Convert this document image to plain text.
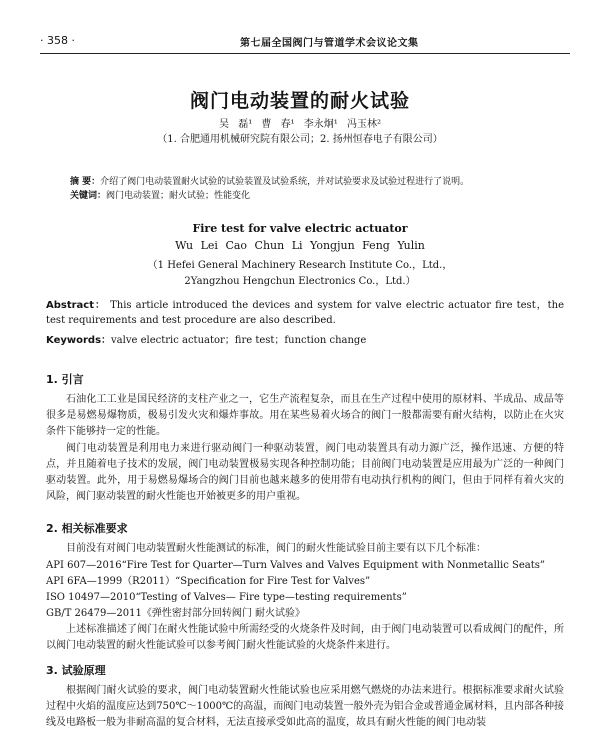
· 358 ·	第七届全国阀门与管道学术会议论文集
阀门电动装置的耐火试验
吴 磊¹ 曹 春¹ 李永炯¹ 冯玉林²
（1. 合肥通用机械研究院有限公司；2. 扬州恒春电子有限公司）
摘 要：介绍了阀门电动装置耐火试验的试验装置及试验系统，并对试验要求及试验过程进行了说明。
关键词：阀门电动装置；耐火试验；性能变化
Fire test for valve electric actuator
Wu Lei Cao Chun Li Yongjun Feng Yulin
（1 Hefei General Machinery Research Institute Co.，Ltd.，
2Yangzhou Hengchun Electronics Co.，Ltd.）
Abstract： This article introduced the devices and system for valve electric actuator fire test，the test requirements and test procedure are also described.
Keywords：valve electric actuator；fire test；function change
1. 引言
石油化工工业是国民经济的支柱产业之一，它生产流程复杂，而且在生产过程中使用的原材料、半成品、成品等很多是易燃易爆物质，极易引发火灾和爆炸事故。用在某些易着火场合的阀门一般都需要有耐火结构，以防止在火灾条件下能够持一定的性能。
阀门电动装置是利用电力来进行驱动阀门一种驱动装置，阀门电动装置具有动力源广泛，操作迅速、方便的特点，并且随着电子技术的发展，阀门电动装置极易实现各种控制功能；目前阀门电动装置是应用最为广泛的一种阀门驱动装置。此外，用于易燃易爆场合的阀门目前也越来越多的使用带有电动执行机构的阀门，但由于同样有着火灾的风险，阀门驱动装置的耐火性能也开始被更多的用户重视。
2. 相关标准要求
目前没有对阀门电动装置耐火性能测试的标准，阀门的耐火性能试验目前主要有以下几个标准：
API 607—2016“Fire Test for Quarter—Turn Valves and Valves Equipment with Nonmetallic Seats”
API 6FA—1999（R2011）“Specification for Fire Test for Valves”
ISO 10497—2010“Testing of Valves— Fire type—testing requirements”
GB/T 26479—2011《弹性密封部分回转阀门 耐火试验》
上述标准描述了阀门在耐火性能试验中所需经受的火烧条件及时间，由于阀门电动装置可以看成阀门的配件，所以阀门电动装置的耐火性能试验可以参考阀门耐火性能试验的火烧条件来进行。
3. 试验原理
根据阀门耐火试验的要求，阀门电动装置耐火性能试验也应采用燃气燃烧的办法来进行。根据标准要求耐火试验过程中火焰的温度应达到750℃～1000℃的高温，而阀门电动装置一般外壳为铝合金或普通金属材料，且内部各种接线及电路板一般为非耐高温的复合材料，无法直接承受如此高的温度，故具有耐火性能的阀门电动装
